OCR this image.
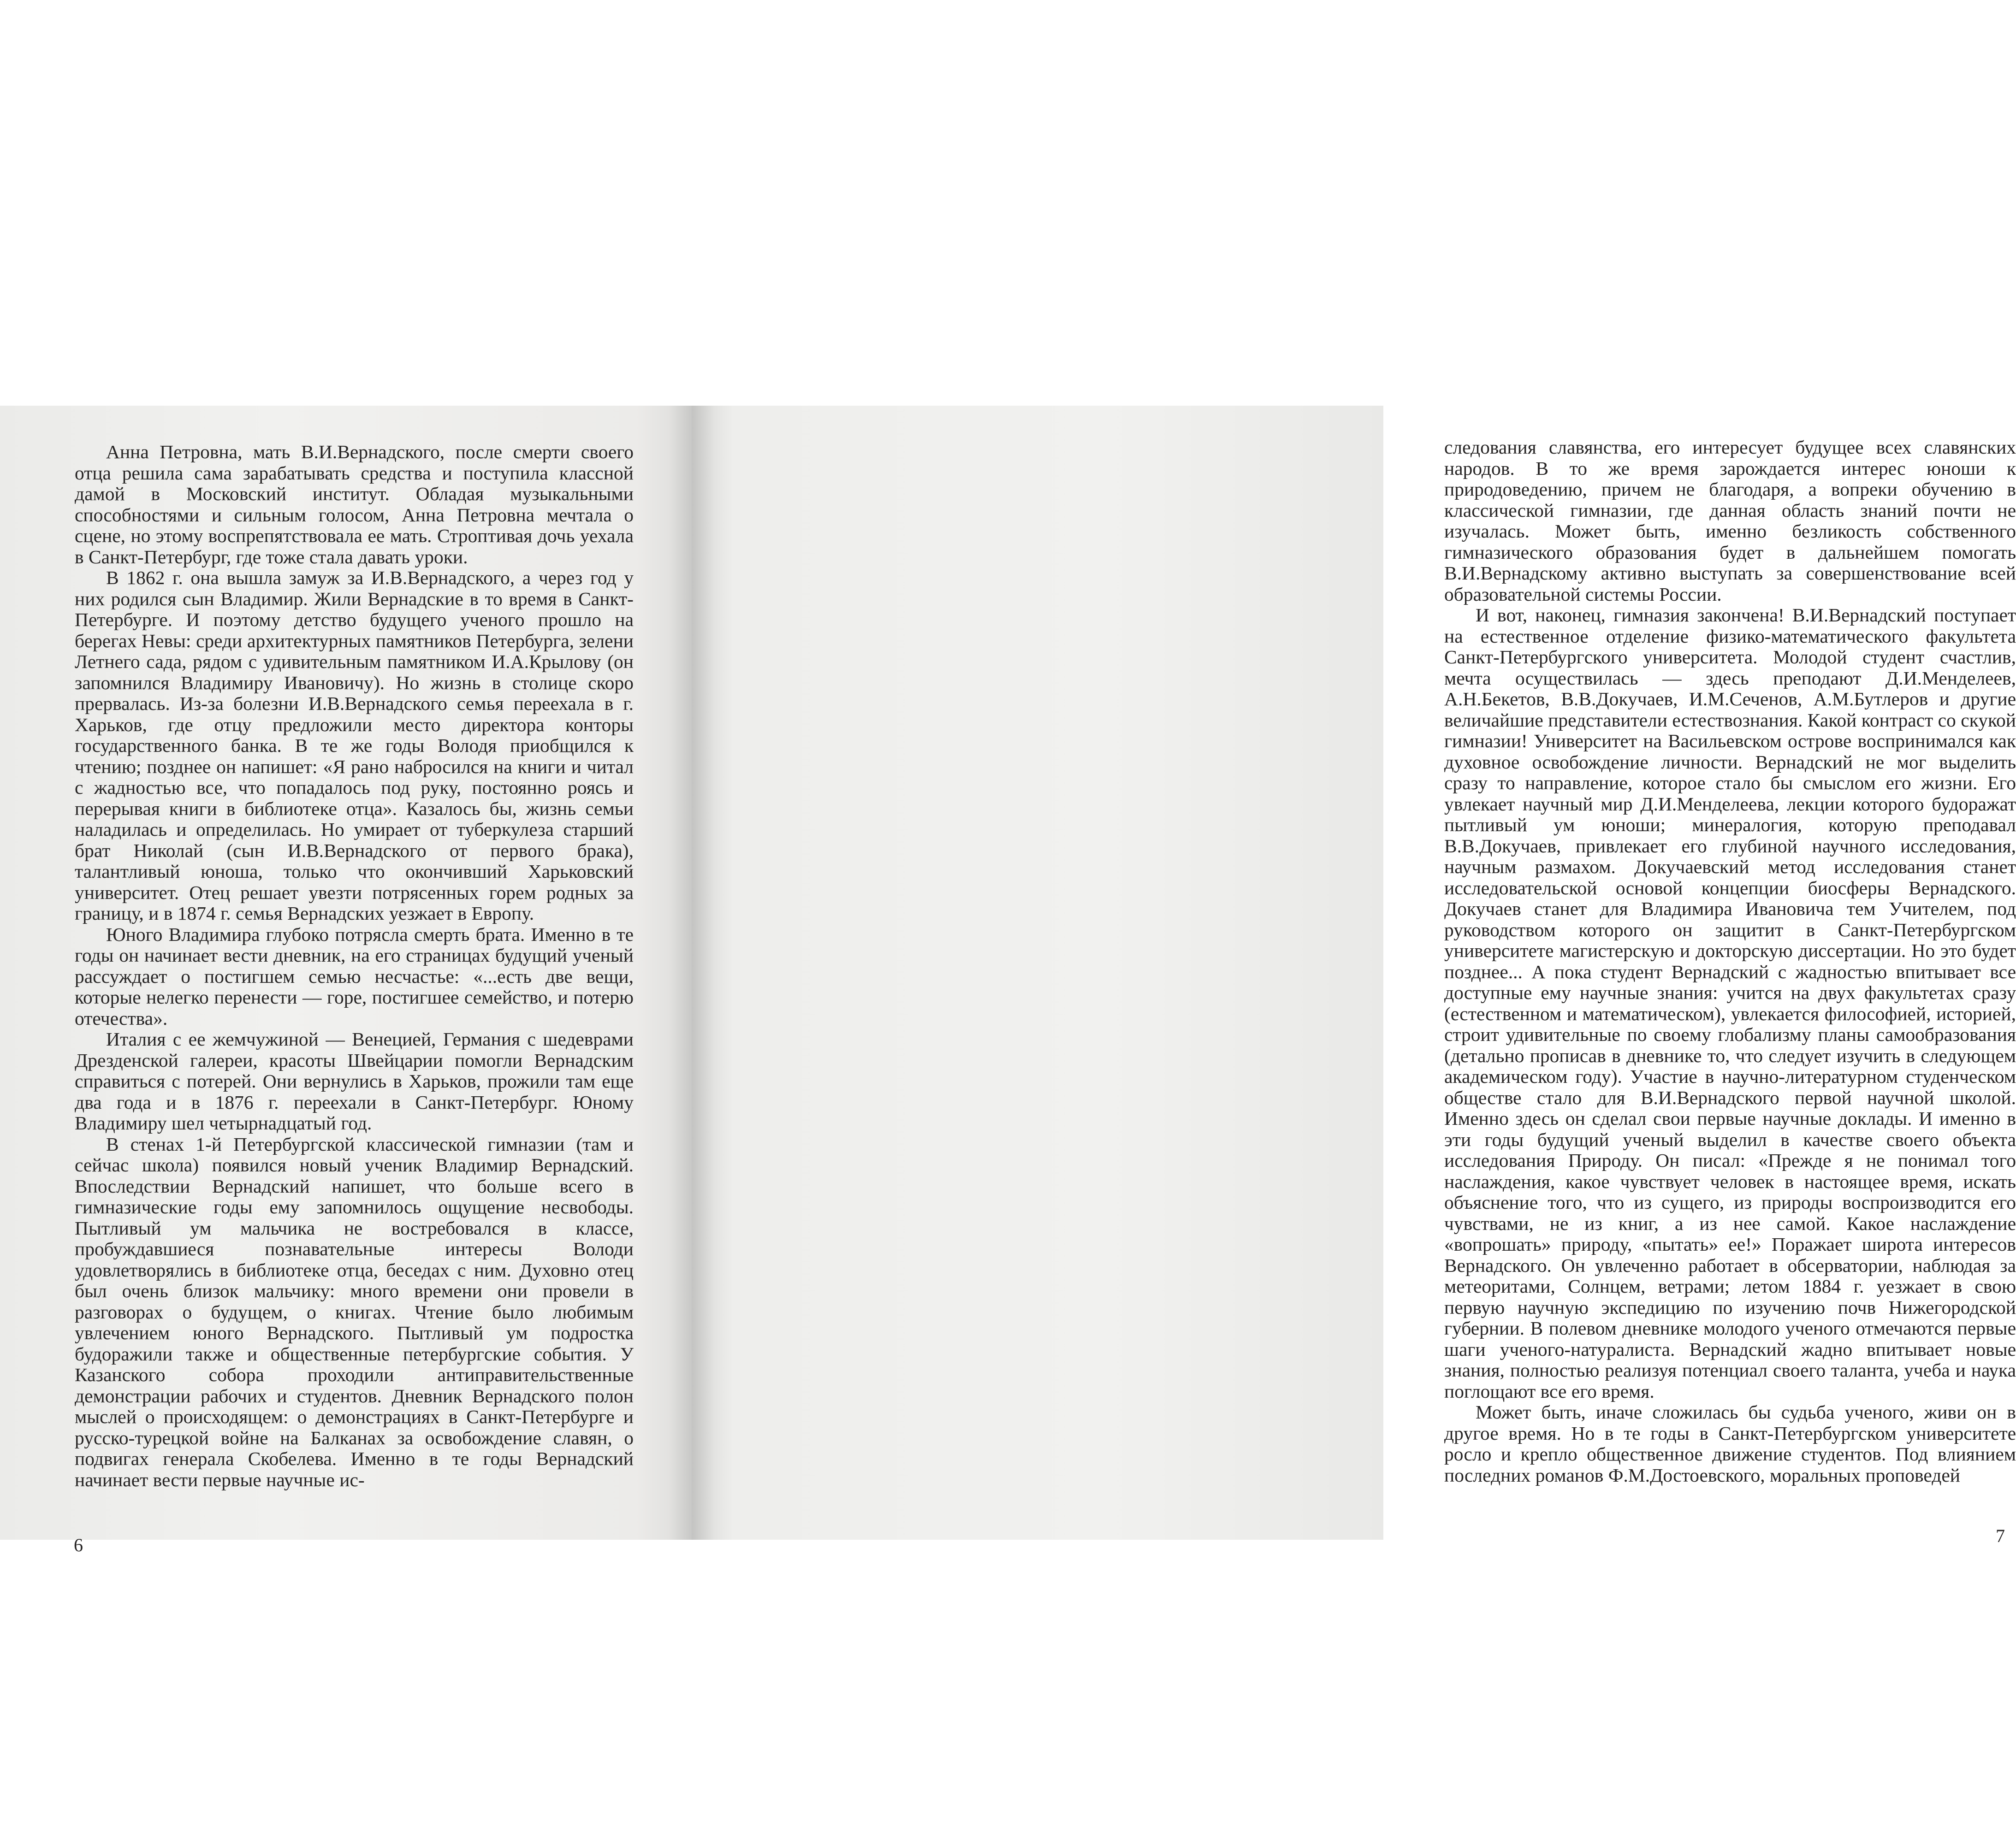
Анна Петровна, мать В.И.Вернадского, после смерти своего отца решила сама зарабатывать средства и поступила классной дамой в Московский институт. Обладая музыкальными способностями и сильным голосом, Анна Петровна мечтала о сцене, но этому воспрепятствовала ее мать. Строптивая дочь уехала в Санкт-Петербург, где тоже стала давать уроки.

В 1862 г. она вышла замуж за И.В.Вернадского, а через год у них родился сын Владимир. Жили Вернадские в то время в Санкт-Петербурге. И поэтому детство будущего ученого прошло на берегах Невы: среди архитектурных памятников Петербурга, зелени Летнего сада, рядом с удивительным памятником И.А.Крылову (он запомнился Владимиру Ивановичу). Но жизнь в столице скоро прервалась. Из-за болезни И.В.Вернадского семья переехала в г. Харьков, где отцу предложили место директора конторы государственного банка. В те же годы Володя приобщился к чтению; позднее он напишет: «Я рано набросился на книги и читал с жадностью все, что попадалось под руку, постоянно роясь и перерывая книги в библиотеке отца». Казалось бы, жизнь семьи наладилась и определилась. Но умирает от туберкулеза старший брат Николай (сын И.В.Вернадского от первого брака), талантливый юноша, только что окончивший Харьковский университет. Отец решает увезти потрясенных горем родных за границу, и в 1874 г. семья Вернадских уезжает в Европу.

Юного Владимира глубоко потрясла смерть брата. Именно в те годы он начинает вести дневник, на его страницах будущий ученый рассуждает о постигшем семью несчастье: «...есть две вещи, которые нелегко перенести — горе, постигшее семейство, и потерю отечества».

Италия с ее жемчужиной — Венецией, Германия с шедеврами Дрезденской галереи, красоты Швейцарии помогли Вернадским справиться с потерей. Они вернулись в Харьков, прожили там еще два года и в 1876 г. переехали в Санкт-Петербург. Юному Владимиру шел четырнадцатый год.

В стенах 1-й Петербургской классической гимназии (там и сейчас школа) появился новый ученик Владимир Вернадский. Впоследствии Вернадский напишет, что больше всего в гимназические годы ему запомнилось ощущение несвободы. Пытливый ум мальчика не востребовался в классе, пробуждавшиеся познавательные интересы Володи удовлетворялись в библиотеке отца, беседах с ним. Духовно отец был очень близок мальчику: много времени они провели в разговорах о будущем, о книгах. Чтение было любимым увлечением юного Вернадского. Пытливый ум подростка будоражили также и общественные петербургские события. У Казанского собора проходили антиправительственные демонстрации рабочих и студентов. Дневник Вернадского полон мыслей о происходящем: о демонстрациях в Санкт-Петербурге и русско-турецкой войне на Балканах за освобождение славян, о подвигах генерала Скобелева. Именно в те годы Вернадский начинает вести первые научные ис-

6

следования славянства, его интересует будущее всех славянских народов. В то же время зарождается интерес юноши к природоведению, причем не благодаря, а вопреки обучению в классической гимназии, где данная область знаний почти не изучалась. Может быть, именно безликость собственного гимназического образования будет в дальнейшем помогать В.И.Вернадскому активно выступать за совершенствование всей образовательной системы России.

И вот, наконец, гимназия закончена! В.И.Вернадский поступает на естественное отделение физико-математического факультета Санкт-Петербургского университета. Молодой студент счастлив, мечта осуществилась — здесь преподают Д.И.Менделеев, А.Н.Бекетов, В.В.Докучаев, И.М.Сеченов, А.М.Бутлеров и другие величайшие представители естествознания. Какой контраст со скукой гимназии! Университет на Васильевском острове воспринимался как духовное освобождение личности. Вернадский не мог выделить сразу то направление, которое стало бы смыслом его жизни. Его увлекает научный мир Д.И.Менделеева, лекции которого будоражат пытливый ум юноши; минералогия, которую преподавал В.В.Докучаев, привлекает его глубиной научного исследования, научным размахом. Докучаевский метод исследования станет исследовательской основой концепции биосферы Вернадского. Докучаев станет для Владимира Ивановича тем Учителем, под руководством которого он защитит в Санкт-Петербургском университете магистерскую и докторскую диссертации. Но это будет позднее... А пока студент Вернадский с жадностью впитывает все доступные ему научные знания: учится на двух факультетах сразу (естественном и математическом), увлекается философией, историей, строит удивительные по своему глобализму планы самообразования (детально прописав в дневнике то, что следует изучить в следующем академическом году). Участие в научно-литературном студенческом обществе стало для В.И.Вернадского первой научной школой. Именно здесь он сделал свои первые научные доклады. И именно в эти годы будущий ученый выделил в качестве своего объекта исследования Природу. Он писал: «Прежде я не понимал того наслаждения, какое чувствует человек в настоящее время, искать объяснение того, что из сущего, из природы воспроизводится его чувствами, не из книг, а из нее самой. Какое наслаждение «вопрошать» природу, «пытать» ее!» Поражает широта интересов Вернадского. Он увлеченно работает в обсерватории, наблюдая за метеоритами, Солнцем, ветрами; летом 1884 г. уезжает в свою первую научную экспедицию по изучению почв Нижегородской губернии. В полевом дневнике молодого ученого отмечаются первые шаги ученого-натуралиста. Вернадский жадно впитывает новые знания, полностью реализуя потенциал своего таланта, учеба и наука поглощают все его время.

Может быть, иначе сложилась бы судьба ученого, живи он в другое время. Но в те годы в Санкт-Петербургском университете росло и крепло общественное движение студентов. Под влиянием последних романов Ф.М.Достоевского, моральных проповедей

7
